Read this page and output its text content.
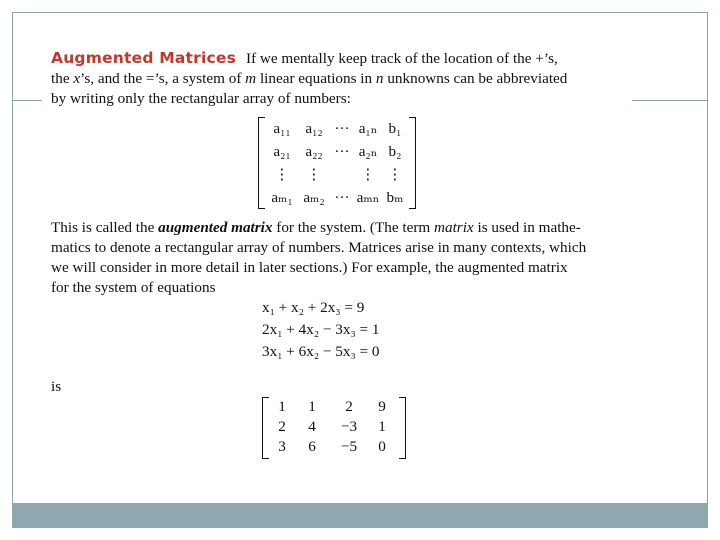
Augmented Matrices If we mentally keep track of the location of the +’s,
the x’s, and the =’s, a system of m linear equations in n unknowns can be abbreviated
by writing only the rectangular array of numbers:

a₁₁	a₁₂	···	a₁ₙ	b₁
a₂₁	a₂₂	···	a₂ₙ	b₂
⋮	⋮		⋮	⋮
aₘ₁	aₘ₂	···	aₘₙ	bₘ

This is called the augmented matrix for the system. (The term matrix is used in mathe-
matics to denote a rectangular array of numbers. Matrices arise in many contexts, which
we will consider in more detail in later sections.) For example, the augmented matrix
for the system of equations

x₁ + x₂ + 2x₃ = 9
2x₁ + 4x₂ − 3x₃ = 1
3x₁ + 6x₂ − 5x₃ = 0
is
1	1	2	9
2	4	−3	1
3	6	−5	0
